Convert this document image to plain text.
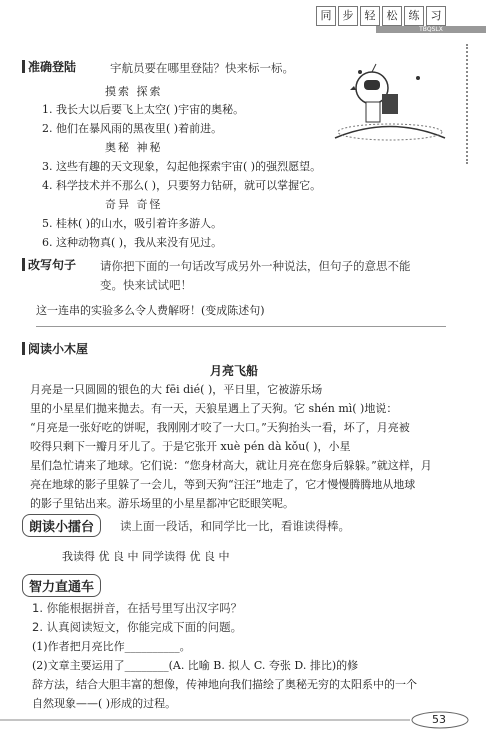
同 步 轻 松 练 习
TBQSLX
准确登陆	宇航员要在哪里登陆？快来标一标。
摸索 探索
1. 我长大以后要飞上太空( )宇宙的奥秘。
2. 他们在暴风雨的黑夜里( )着前进。
奥秘 神秘
3. 这些有趣的天文现象，勾起他探索宇宙( )的强烈愿望。
4. 科学技术并不那么( )，只要努力钻研，就可以掌握它。
奇异 奇怪
5. 桂林( )的山水，吸引着许多游人。
6. 这种动物真( )，我从来没有见过。
改写句子 请你把下面的一句话改写成另外一种说法，但句子的意思不能
变。快来试试吧！
这一连串的实验多么令人费解呀！(变成陈述句)
阅读小木屋
月亮飞船
月亮是一只圆圆的银色的大 fēi dié( )，平日里，它被游乐场
里的小星星们拋来拋去。有一天，天狼星遇上了天狗。它 shén mì( )地说：
“月亮是一张好吃的饼呢，我刚刚才咬了一大口。”天狗抬头一看，坏了，月亮被
咬得只剩下一瓣月牙儿了。于是它张开 xuè pén dà kǒu( )，小星
星们急忙请来了地球。它们说：“您身材高大，就让月亮在您身后躲躲。”就这样，月
亮在地球的影子里躲了一会儿，等到天狗“汪汪”地走了，它才慢慢腾腾地从地球
的影子里钻出来。游乐场里的小星星都冲它眨眼笑呢。
朗读小擂台	读上面一段话，和同学比一比，看谁读得棒。
我读得 优 良 中 同学读得 优 良 中
智力直通车
1. 你能根据拼音，在括号里写出汉字吗？
2. 认真阅读短文，你能完成下面的问题。
(1)作者把月亮比作__________。
(2)文章主要运用了________(A. 比喻 B. 拟人 C. 夸张 D. 排比)的修
辞方法，结合大胆丰富的想像，传神地向我们描绘了奥秘无穷的太阳系中的一个
自然现象——( )形成的过程。
53
